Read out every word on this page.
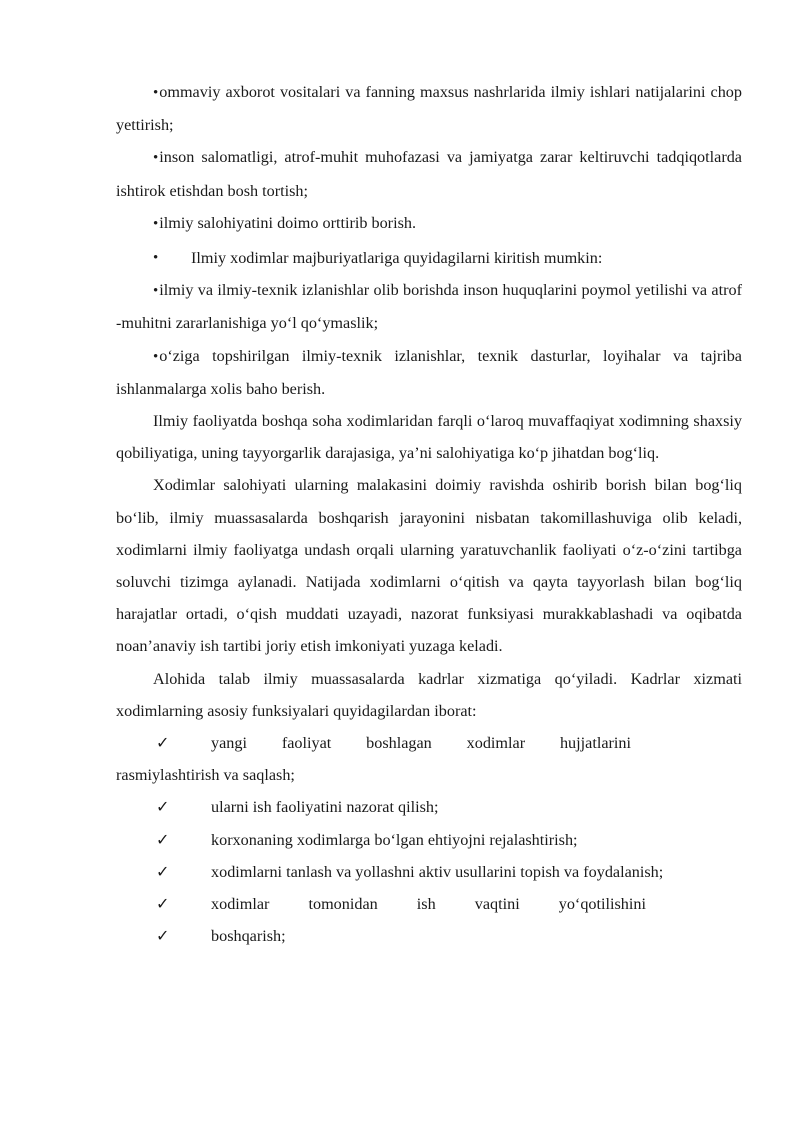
•ommaviy axborot vositalari va fanning maxsus nashrlarida ilmiy ishlari natijalarini chop yettirish;

•inson salomatligi, atrof-muhit muhofazasi va jamiyatga zarar keltiruvchi tadqiqotlarda ishtirok etishdan bosh tortish;

•ilmiy salohiyatini doimo orttirib borish.

•	Ilmiy xodimlar majburiyatlariga quyidagilarni kiritish mumkin:

•ilmiy va ilmiy-texnik izlanishlar olib borishda inson huquqlarini poymol yetilishi va atrof -muhitni zararlanishiga yo‘l qo‘ymaslik;

•o‘ziga topshirilgan ilmiy-texnik izlanishlar, texnik dasturlar, loyihalar va tajriba ishlanmalarga xolis baho berish.

Ilmiy faoliyatda boshqa soha xodimlaridan farqli o‘laroq muvaffaqiyat xodimning shaxsiy qobiliyatiga, uning tayyorgarlik darajasiga, ya’ni salohiyatiga ko‘p jihatdan bog‘liq.

Xodimlar salohiyati ularning malakasini doimiy ravishda oshirib borish bilan bog‘liq bo‘lib, ilmiy muassasalarda boshqarish jarayonini nisbatan takomillashuviga olib keladi, xodimlarni ilmiy faoliyatga undash orqali ularning yaratuvchanlik faoliyati o‘z-o‘zini tartibga soluvchi tizimga aylanadi. Natijada xodimlarni o‘qitish va qayta tayyorlash bilan bog‘liq harajatlar ortadi, o‘qish muddati uzayadi, nazorat funksiyasi murakkablashadi va oqibatda noan’anaviy ish tartibi joriy etish imkoniyati yuzaga keladi.

Alohida talab ilmiy muassasalarda kadrlar xizmatiga qo‘yiladi. Kadrlar xizmati xodimlarning asosiy funksiyalari quyidagilardan iborat:

✓	yangi faoliyat boshlagan xodimlar hujjatlarini

rasmiylashtirish va saqlash;

✓	ularni ish faoliyatini nazorat qilish;
✓	korxonaning xodimlarga bo‘lgan ehtiyojni rejalashtirish;
✓	xodimlarni tanlash va yollashni aktiv usullarini topish va foydalanish;
✓	xodimlar tomonidan ish vaqtini yo‘qotilishini
✓	boshqarish;
